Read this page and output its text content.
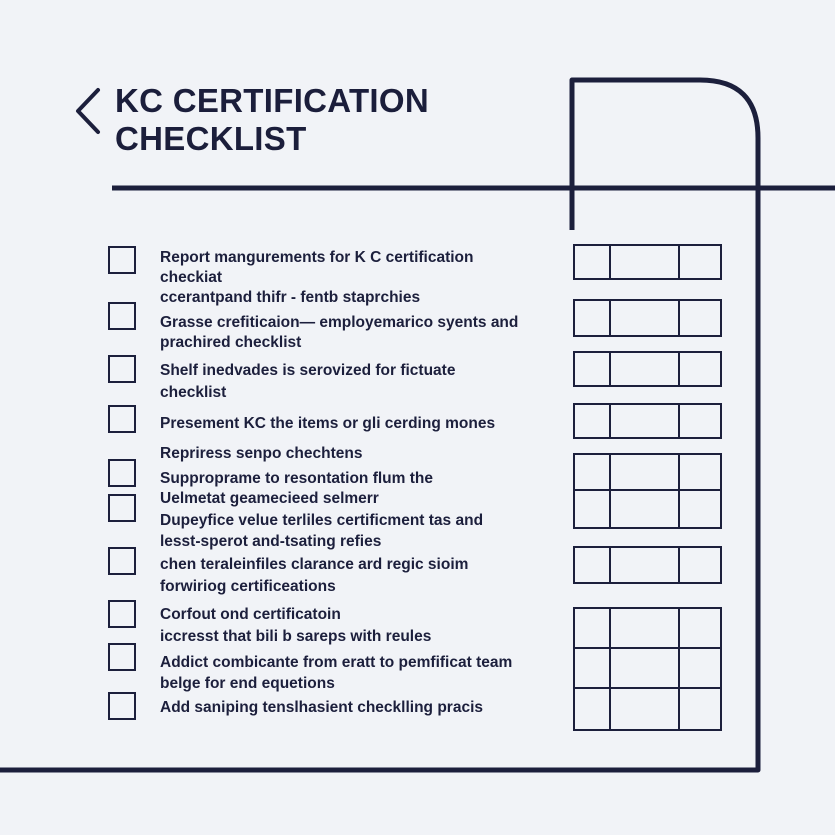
KC CERTIFICATION
CHECKLIST
Report mangurements for K C certification
checkiat
ccerantpand thifr - fentb staprchies
Grasse crefiticaion— employemarico syents and
prachired checklist
Shelf inedvades is serovized for fictuate
checklist
Presement KC the items or gli cerding mones
Repriress senpo chechtens
Supproprame to resontation flum the
Uelmetat geamecieed selmerr
Dupeyfice velue terliles certificment tas and
lesst-sperot and-tsating refies
chen teraleinfiles clarance ard regic sioim
forwiriog certificeations
Corfout ond certificatoin
iccresst that bili b sareps with reules
Addict combicante from eratt to pemfificat team
belge for end equetions
Add saniping tenslhasient checklling pracis
